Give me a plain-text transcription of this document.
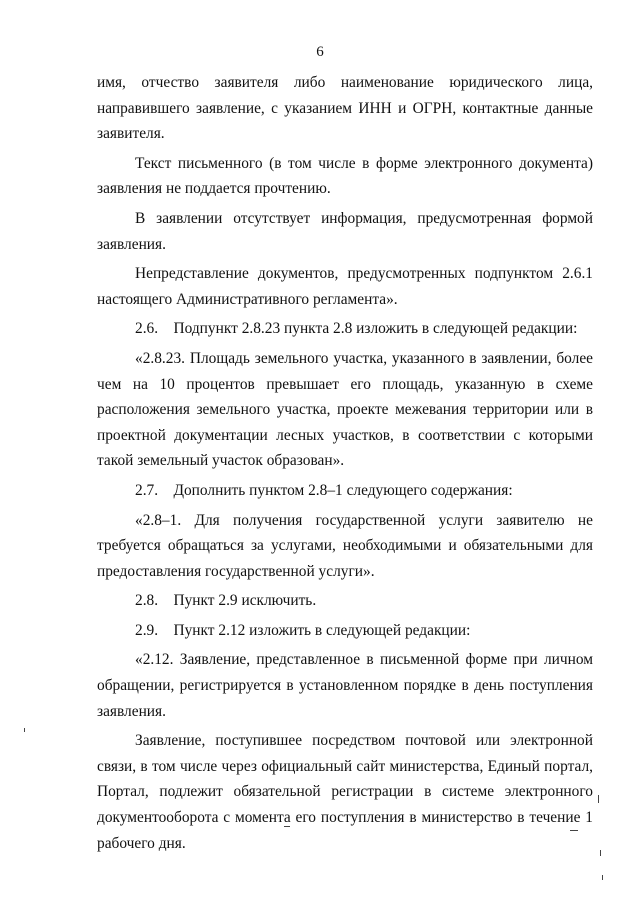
6

имя, отчество заявителя либо наименование юридического лица, направившего заявление, с указанием ИНН и ОГРН, контактные данные заявителя.

Текст письменного (в том числе в форме электронного документа) заявления не поддается прочтению.

В заявлении отсутствует информация, предусмотренная формой заявления.

Непредставление документов, предусмотренных подпунктом 2.6.1 настоящего Административного регламента».

2.6. Подпункт 2.8.23 пункта 2.8 изложить в следующей редакции:

«2.8.23. Площадь земельного участка, указанного в заявлении, более чем на 10 процентов превышает его площадь, указанную в схеме расположения земельного участка, проекте межевания территории или в проектной документации лесных участков, в соответствии с которыми такой земельный участок образован».

2.7. Дополнить пунктом 2.8–1 следующего содержания:

«2.8–1. Для получения государственной услуги заявителю не требуется обращаться за услугами, необходимыми и обязательными для предоставления государственной услуги».

2.8. Пункт 2.9 исключить.

2.9. Пункт 2.12 изложить в следующей редакции:

«2.12. Заявление, представленное в письменной форме при личном обращении, регистрируется в установленном порядке в день поступления заявления.

Заявление, поступившее посредством почтовой или электронной связи, в том числе через официальный сайт министерства, Единый портал, Портал, подлежит обязательной регистрации в системе электронного документооборота с момента его поступления в министерство в течение 1 рабочего дня.
